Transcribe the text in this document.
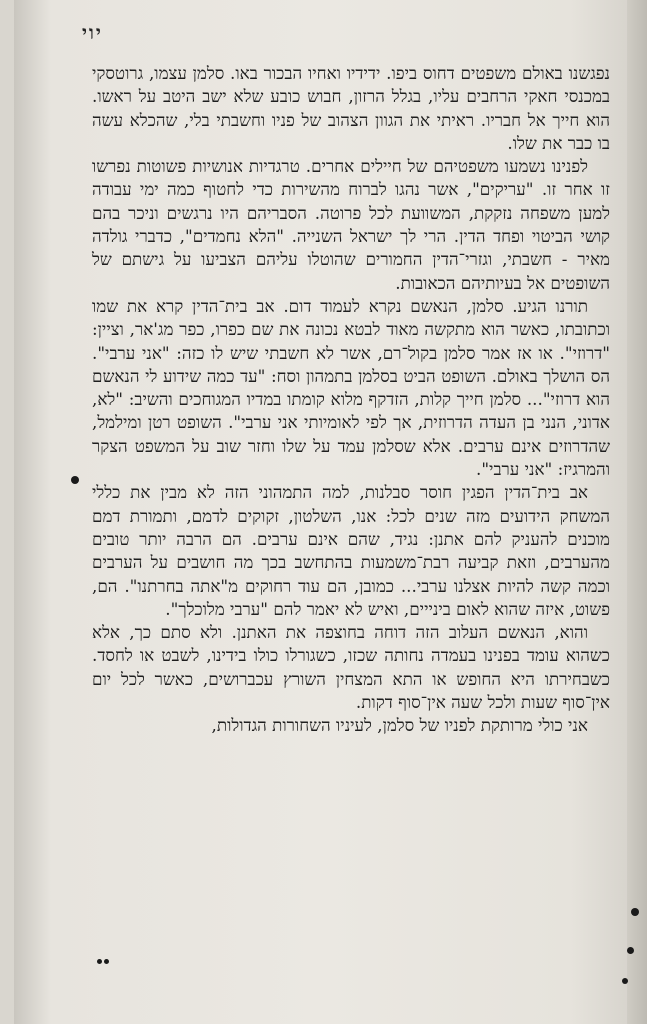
יוי

נפגשנו באולם משפטים דחוס ביפו. ידידיו ואחיו הבכור באו. סלמן עצמו, גרוטסקי במכנסי חאקי הרחבים עליו, בגלל הרזון, חבוש כובע שלא ישב היטב על ראשו. הוא חייך אל חבריו. ראיתי את הגוון הצהוב של פניו וחשבתי בלי, שהכלא עשה בו כבר את שלו.

לפנינו נשמעו משפטיהם של חיילים אחרים. טרגדיות אנושיות פשוטות נפרשו זו אחר זו. "עריקים", אשר נהגו לברוח מהשירות כדי לחטוף כמה ימי עבודה למען משפחה נזקקת, המשוועת לכל פרוטה. הסבריהם היו נרגשים וניכר בהם קושי הביטוי ופחד הדין. הרי לך ישראל השנייה. "הלא נחמדים", כדברי גולדה מאיר - חשבתי, וגזרי־הדין החמורים שהוטלו עליהם הצביעו על גישתם של השופטים אל בעיותיהם הכאובות.

תורנו הגיע. סלמן, הנאשם נקרא לעמוד דום. אב בית־הדין קרא את שמו וכתובתו, כאשר הוא מתקשה מאוד לבטא נכונה את שם כפרו, כפר מג'אר, וציין: "דרוזי". או אז אמר סלמן בקול־רם, אשר לא חשבתי שיש לו כזה: "אני ערבי". הס הושלך באולם. השופט הביט בסלמן בתמהון וסח: "עד כמה שידוע לי הנאשם הוא דרוזי"... סלמן חייך קלות, הזדקף מלוא קומתו במדיו המגוחכים והשיב: "לא, אדוני, הנני בן העדה הדרוזית, אך לפי לאומיותי אני ערבי". השופט רטן ומילמל, שהדרוזים אינם ערבים. אלא שסלמן עמד על שלו וחזר שוב על המשפט הצקר והמרגיז: "אני ערבי".

אב בית־הדין הפגין חוסר סבלנות, למה התמהוני הזה לא מבין את כללי המשחק הידועים מזה שנים לכל: אנו, השלטון, זקוקים לדמם, ותמורת דמם מוכנים להעניק להם אתנן: נגיד, שהם אינם ערבים. הם הרבה יותר טובים מהערבים, וזאת קביעה רבת־משמעות בהתחשב בכך מה חושבים על הערבים וכמה קשה להיות אצלנו ערבי... כמובן, הם עוד רחוקים מ"אתה בחרתנו". הם, פשוט, איזה שהוא לאום בינייים, ואיש לא יאמר להם "ערבי מלוכלך".

והוא, הנאשם העלוב הזה דוחה בחוצפה את האתנן. ולא סתם כך, אלא כשהוא עומד בפנינו בעמדה נחותה שכזו, כשגורלו כולו בידינו, לשבט או לחסד. כשבחירתו היא החופש או התא המצחין השורץ עכברושים, כאשר לכל יום אין־סוף שעות ולכל שעה אין־סוף דקות.

אני כולי מרותקת לפניו של סלמן, לעיניו השחורות הגדולות,
